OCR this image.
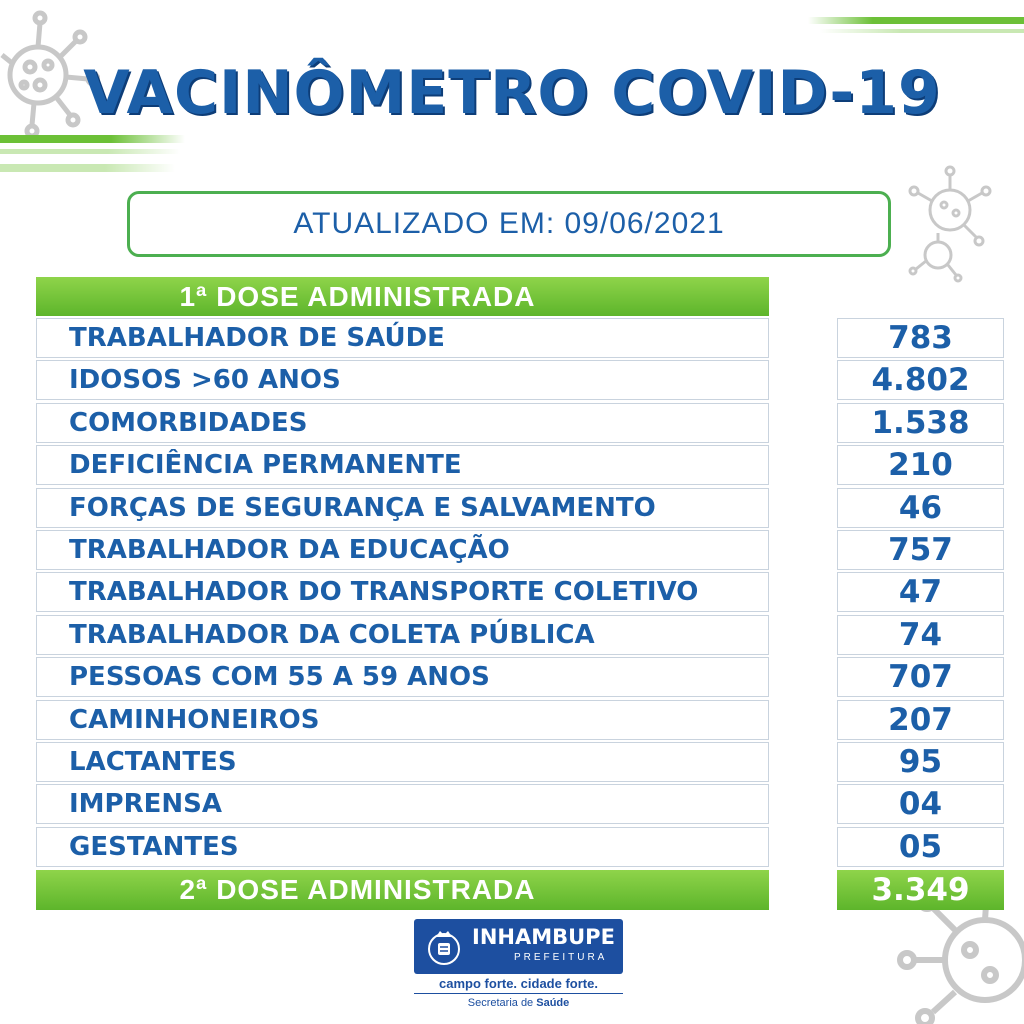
VACINÔMETRO COVID-19
ATUALIZADO EM: 09/06/2021
1ª DOSE ADMINISTRADA
TRABALHADOR DE SAÚDE	783
IDOSOS >60 ANOS	4.802
COMORBIDADES	1.538
DEFICIÊNCIA PERMANENTE	210
FORÇAS DE SEGURANÇA E SALVAMENTO	46
TRABALHADOR DA EDUCAÇÃO	757
TRABALHADOR DO TRANSPORTE COLETIVO	47
TRABALHADOR DA COLETA PÚBLICA	74
PESSOAS COM 55 A 59 ANOS	707
CAMINHONEIROS	207
LACTANTES	95
IMPRENSA	04
GESTANTES	05
2ª DOSE ADMINISTRADA	3.349
INHAMBUPE
PREFEITURA
campo forte. cidade forte.
Secretaria de Saúde
